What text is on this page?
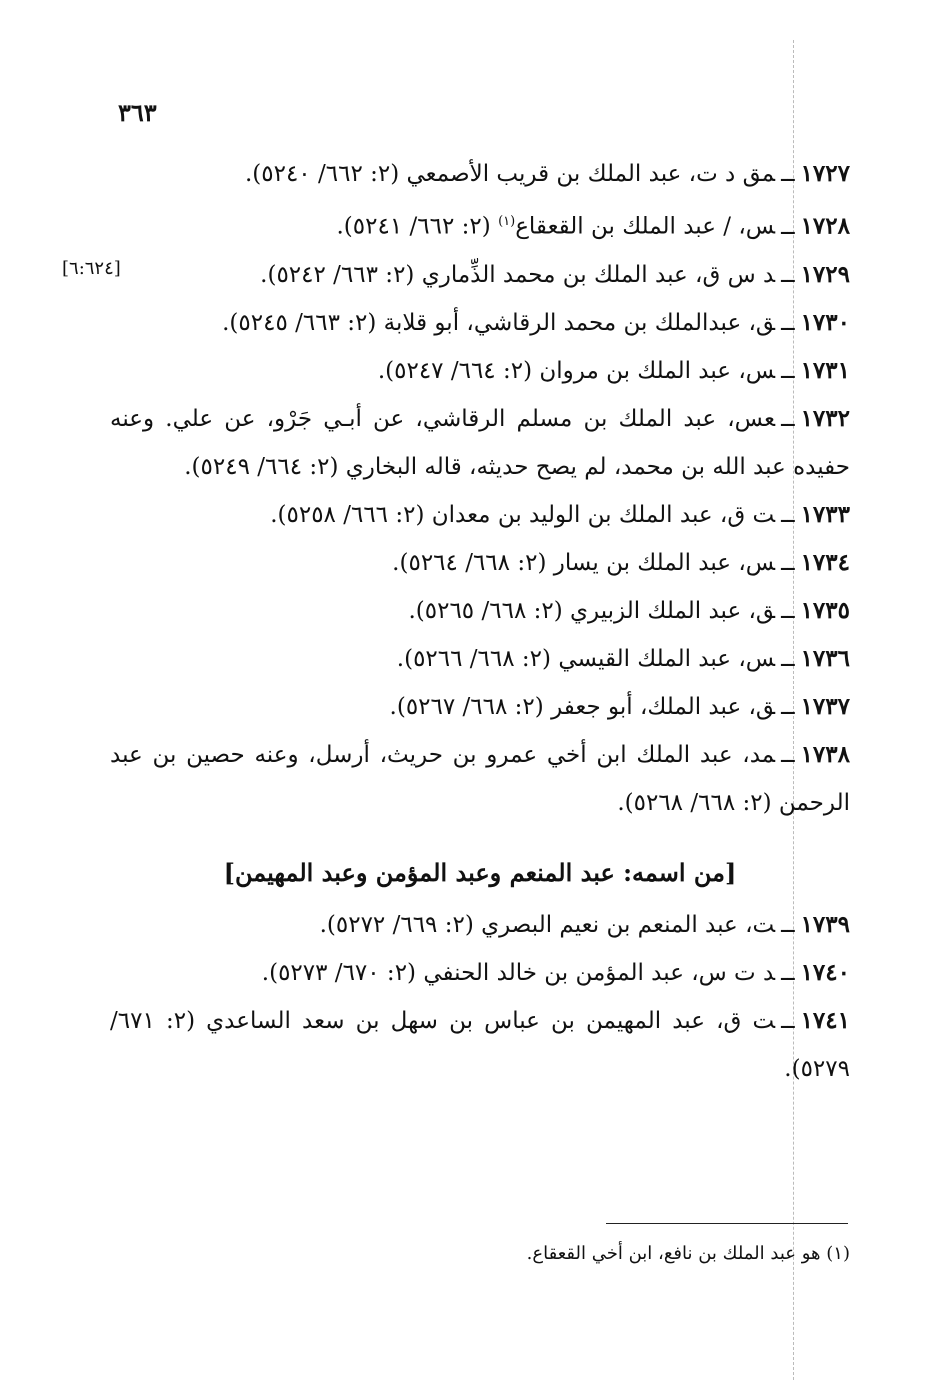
٣٦٣
[٦:٦٢٤]

١٧٢٧ــمق د ت، عبد الملك بن قريب الأصمعي (٢: ٦٦٢/ ٥٢٤٠).

١٧٢٨ــس، / عبد الملك بن القعقاع$^{(١)}$ (٢: ٦٦٢/ ٥٢٤١).

١٧٢٩ــد س ق، عبد الملك بن محمد الذِّماري (٢: ٦٦٣/ ٥٢٤٢).

١٧٣٠ــق، عبدالملك بن محمد الرقاشي، أبو قلابة (٢: ٦٦٣/ ٥٢٤٥).

١٧٣١ــس، عبد الملك بن مروان (٢: ٦٦٤/ ٥٢٤٧).

١٧٣٢ــعس، عبد الملك بن مسلم الرقاشي، عن أبـي جَرْو، عن علي. وعنه حفيده عبد الله بن محمد، لم يصح حديثه، قاله البخاري (٢: ٦٦٤/ ٥٢٤٩).

١٧٣٣ــت ق، عبد الملك بن الوليد بن معدان (٢: ٦٦٦/ ٥٢٥٨).

١٧٣٤ــس، عبد الملك بن يسار (٢: ٦٦٨/ ٥٢٦٤).

١٧٣٥ــق، عبد الملك الزبيري (٢: ٦٦٨/ ٥٢٦٥).

١٧٣٦ــس، عبد الملك القيسي (٢: ٦٦٨/ ٥٢٦٦).

١٧٣٧ــق، عبد الملك، أبو جعفر (٢: ٦٦٨/ ٥٢٦٧).

١٧٣٨ــمد، عبد الملك ابن أخي عمرو بن حريث، أرسل، وعنه حصين بن عبد الرحمن (٢: ٦٦٨/ ٥٢٦٨).

[من اسمه: عبد المنعم وعبد المؤمن وعبد المهيمن]

١٧٣٩ــت، عبد المنعم بن نعيم البصري (٢: ٦٦٩/ ٥٢٧٢).

١٧٤٠ــد ت س، عبد المؤمن بن خالد الحنفي (٢: ٦٧٠/ ٥٢٧٣).

١٧٤١ــت ق، عبد المهيمن بن عباس بن سهل بن سعد الساعدي (٢: ٦٧١/ ٥٢٧٩).

(١) هو عبد الملك بن نافع، ابن أخي القعقاع.
